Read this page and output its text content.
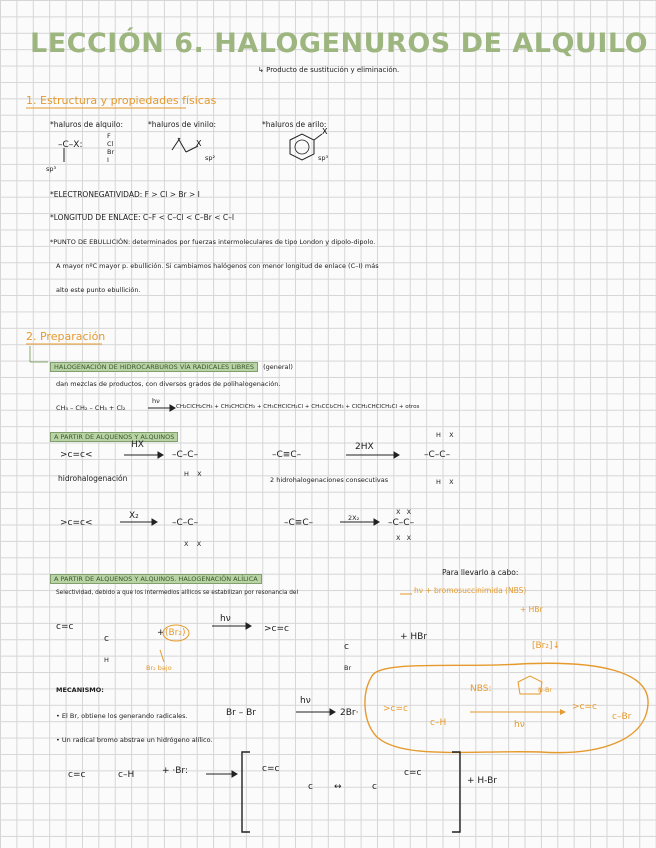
LECCIÓN 6. HALOGENUROS DE ALQUILO
↳ Producto de sustitución y eliminación.
1. Estructura y propiedades físicas
*haluros de alquilo:	*haluros de vinilo:	*haluros de arilo:
–C–X:
sp³
F
Cl
Br
I	sp²	sp³
*ELECTRONEGATIVIDAD: F > Cl > Br > I
*LONGITUD DE ENLACE: C–F < C–Cl < C–Br < C–I
*PUNTO DE EBULLICIÓN: determinados por fuerzas intermoleculares de tipo London y dipolo-dipolo.
A mayor nºC mayor p. ebullición. Si cambiamos halógenos con menor longitud de enlace (C–I) más
alto este punto ebullición.
2. Preparación
HALOGENACIÓN DE HIDROCARBUROS VÍA RADICALES LIBRES (general)
dan mezclas de productos, con diversos grados de polihalogenación.
CH₃ – CH₂ – CH₃ + Cl₂
hν
CH₂ClCH₂CH₃ + CH₃CHClCH₃ + CH₃CHClCH₂Cl + CH₃CCl₂CH₃ + ClCH₂CHClCH₂Cl + otros
A PARTIR DE ALQUENOS Y ALQUINOS
>c=c<
HX
–C–C–
H    X
–C≡C–
2HX
–C–C–
H    X
H    X
hidrohalogenación	2 hidrohalogenaciones consecutivas
>c=c<
X₂
–C–C–
X    X
–C≡C–	2X₂	–C–C–
X   X
X   X
A PARTIR DE ALQUENOS Y ALQUINOS. HALOGENACIÓN ALÍLICA
Para llevarlo a cabo:
Selectividad, debido a que los intermedios alílicos se estabilizan por resonancia del	hν + bromosuccinimida (NBS)
+ HBr
c=c
c
H
+ (Br₂)
Br₂ bajo
hν
>c=c
c
Br
+ HBr
[Br₂]↓
MECANISMO:
• El Br, obtiene los generando radicales.
• Un radical bromo abstrae un hidrógeno alílico.
Br – Br
hν
2Br·
NBS:	N-Br
>c=c
c–H	hν
>c=c
c–Br
c=c	c–H	+ ·Br:	c=c
c ↔	c
c=c
+ H-Br
X
X
